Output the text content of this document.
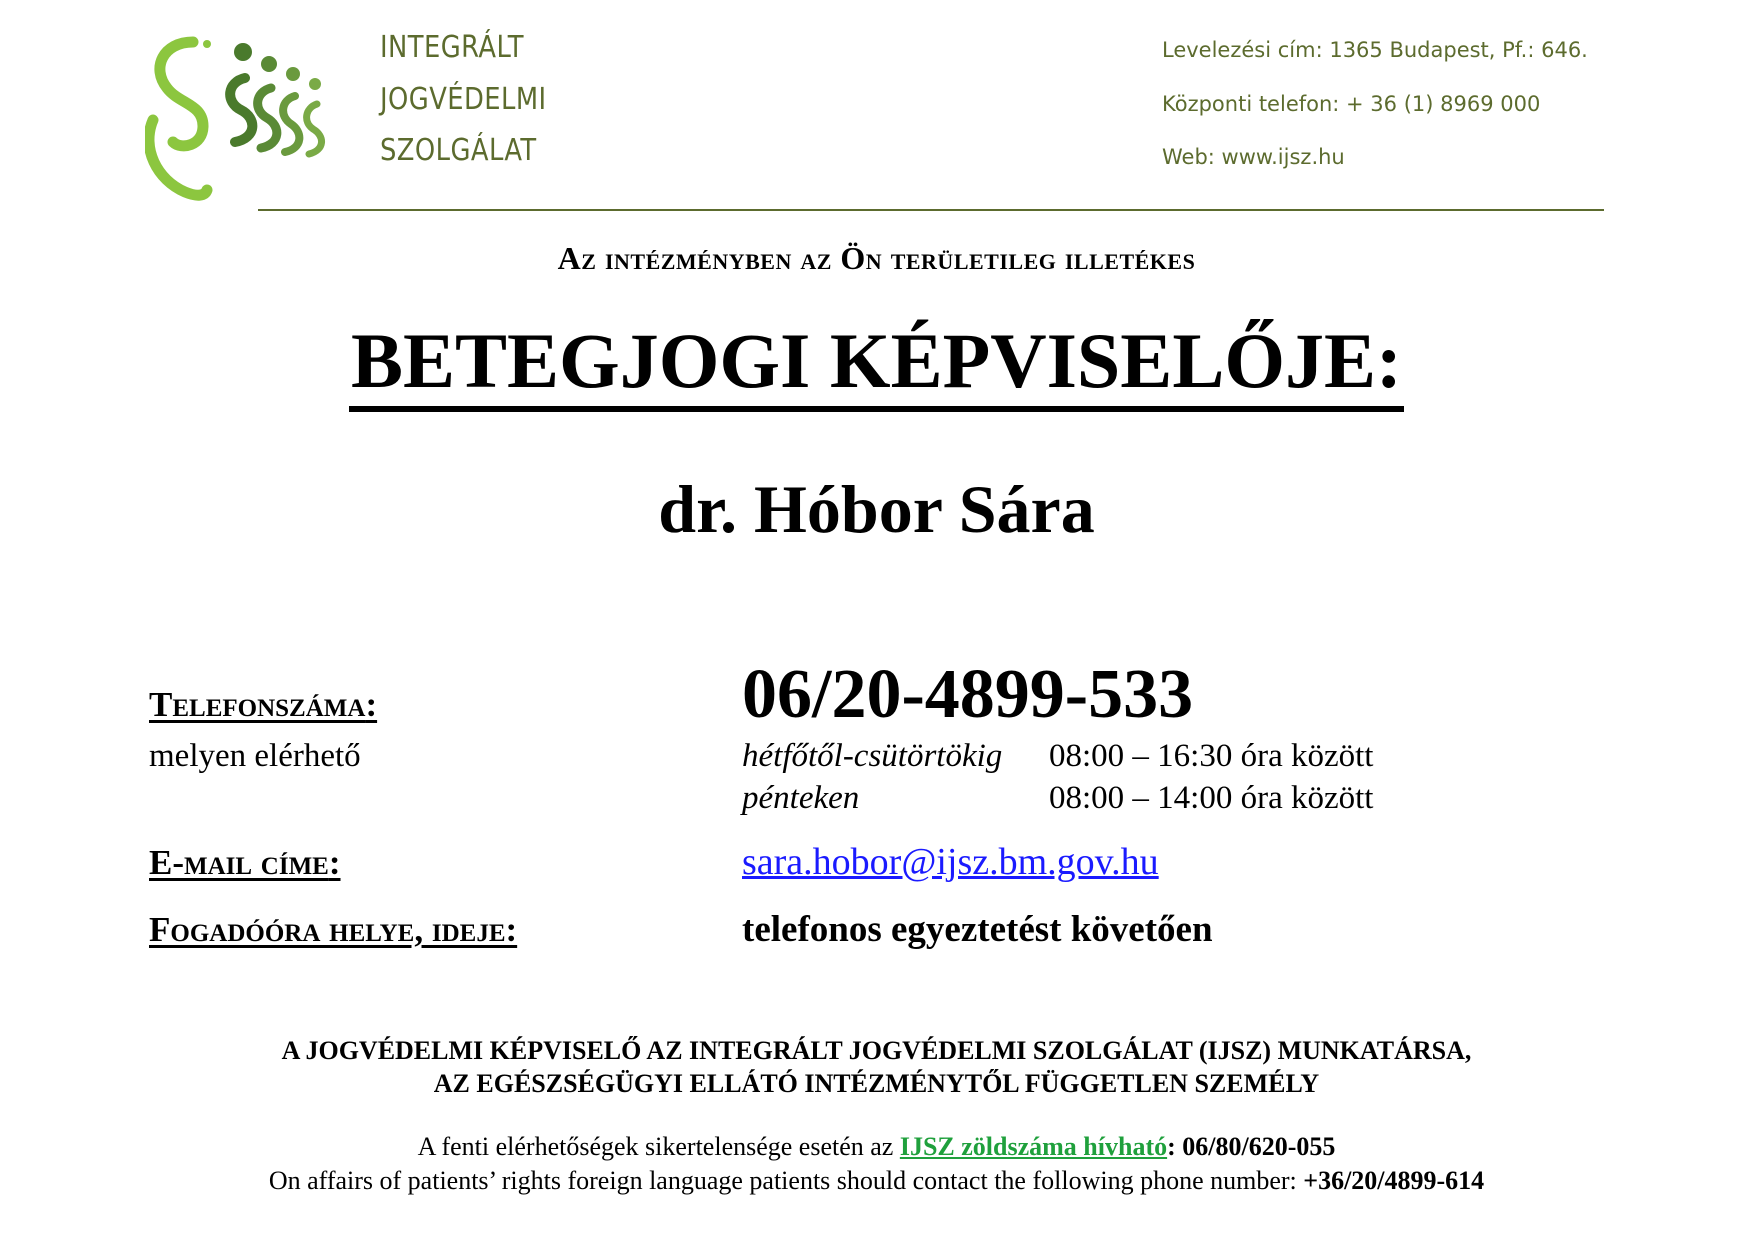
INTEGRÁLT
JOGVÉDELMI
SZOLGÁLAT
Levelezési cím: 1365 Budapest, Pf.: 646.
Központi telefon: + 36 (1) 8969 000
Web: www.ijsz.hu
Az intézményben az Ön területileg illetékes
BETEGJOGI KÉPVISELŐJE:
dr. Hóbor Sára
Telefonszáma:	06/20-4899-533
melyen elérhető	hétfőtől-csütörtökig 08:00 – 16:30 óra között
pénteken	08:00 – 14:00 óra között
E-mail címe:	sara.hobor@ijsz.bm.gov.hu
Fogadóóra helye, ideje:	telefonos egyeztetést követően
A JOGVÉDELMI KÉPVISELŐ AZ INTEGRÁLT JOGVÉDELMI SZOLGÁLAT (IJSZ) MUNKATÁRSA,
AZ EGÉSZSÉGÜGYI ELLÁTÓ INTÉZMÉNYTŐL FÜGGETLEN SZEMÉLY
A fenti elérhetőségek sikertelensége esetén az IJSZ zöldszáma hívható: 06/80/620-055
On affairs of patients’ rights foreign language patients should contact the following phone number: +36/20/4899-614
